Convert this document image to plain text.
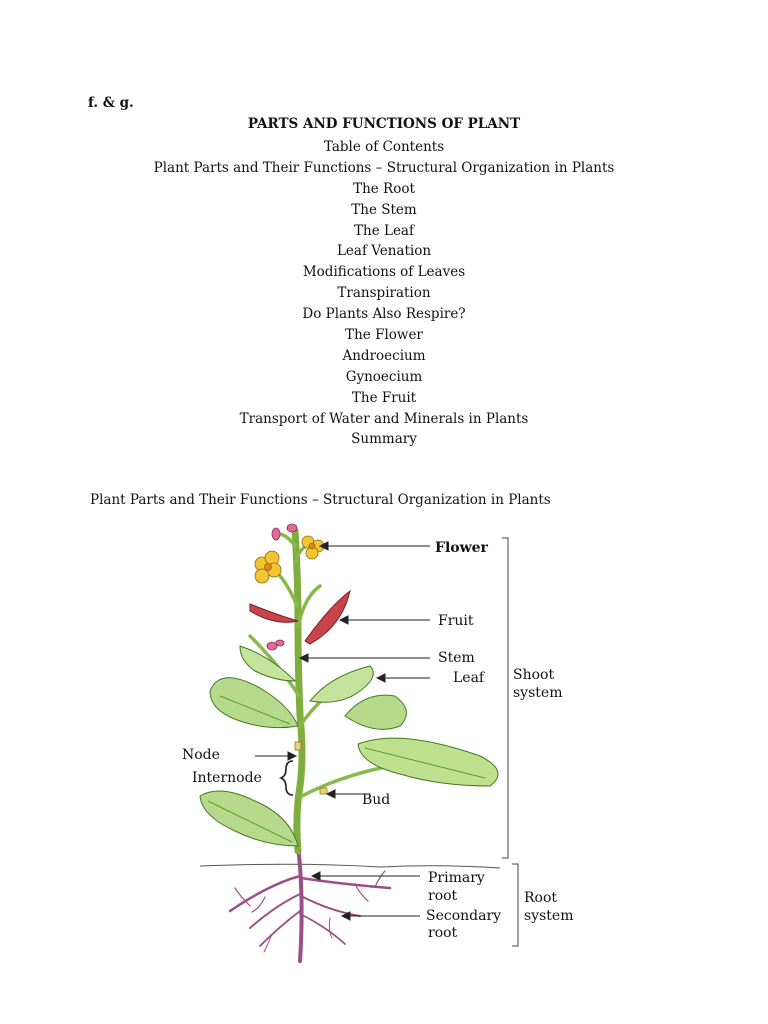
f. & g.
PARTS AND FUNCTIONS OF PLANT
Table of Contents
Plant Parts and Their Functions – Structural Organization in Plants
The Root
The Stem
The Leaf
Leaf Venation
Modifications of Leaves
Transpiration
Do Plants Also Respire?
The Flower
Androecium
Gynoecium
The Fruit
Transport of Water and Minerals in Plants
Summary
Plant Parts and Their Functions – Structural Organization in Plants
Flower
Fruit
Stem
Leaf Shoot
system
Node
Internode
Bud
Primary
root
Secondary
root
Root
system
